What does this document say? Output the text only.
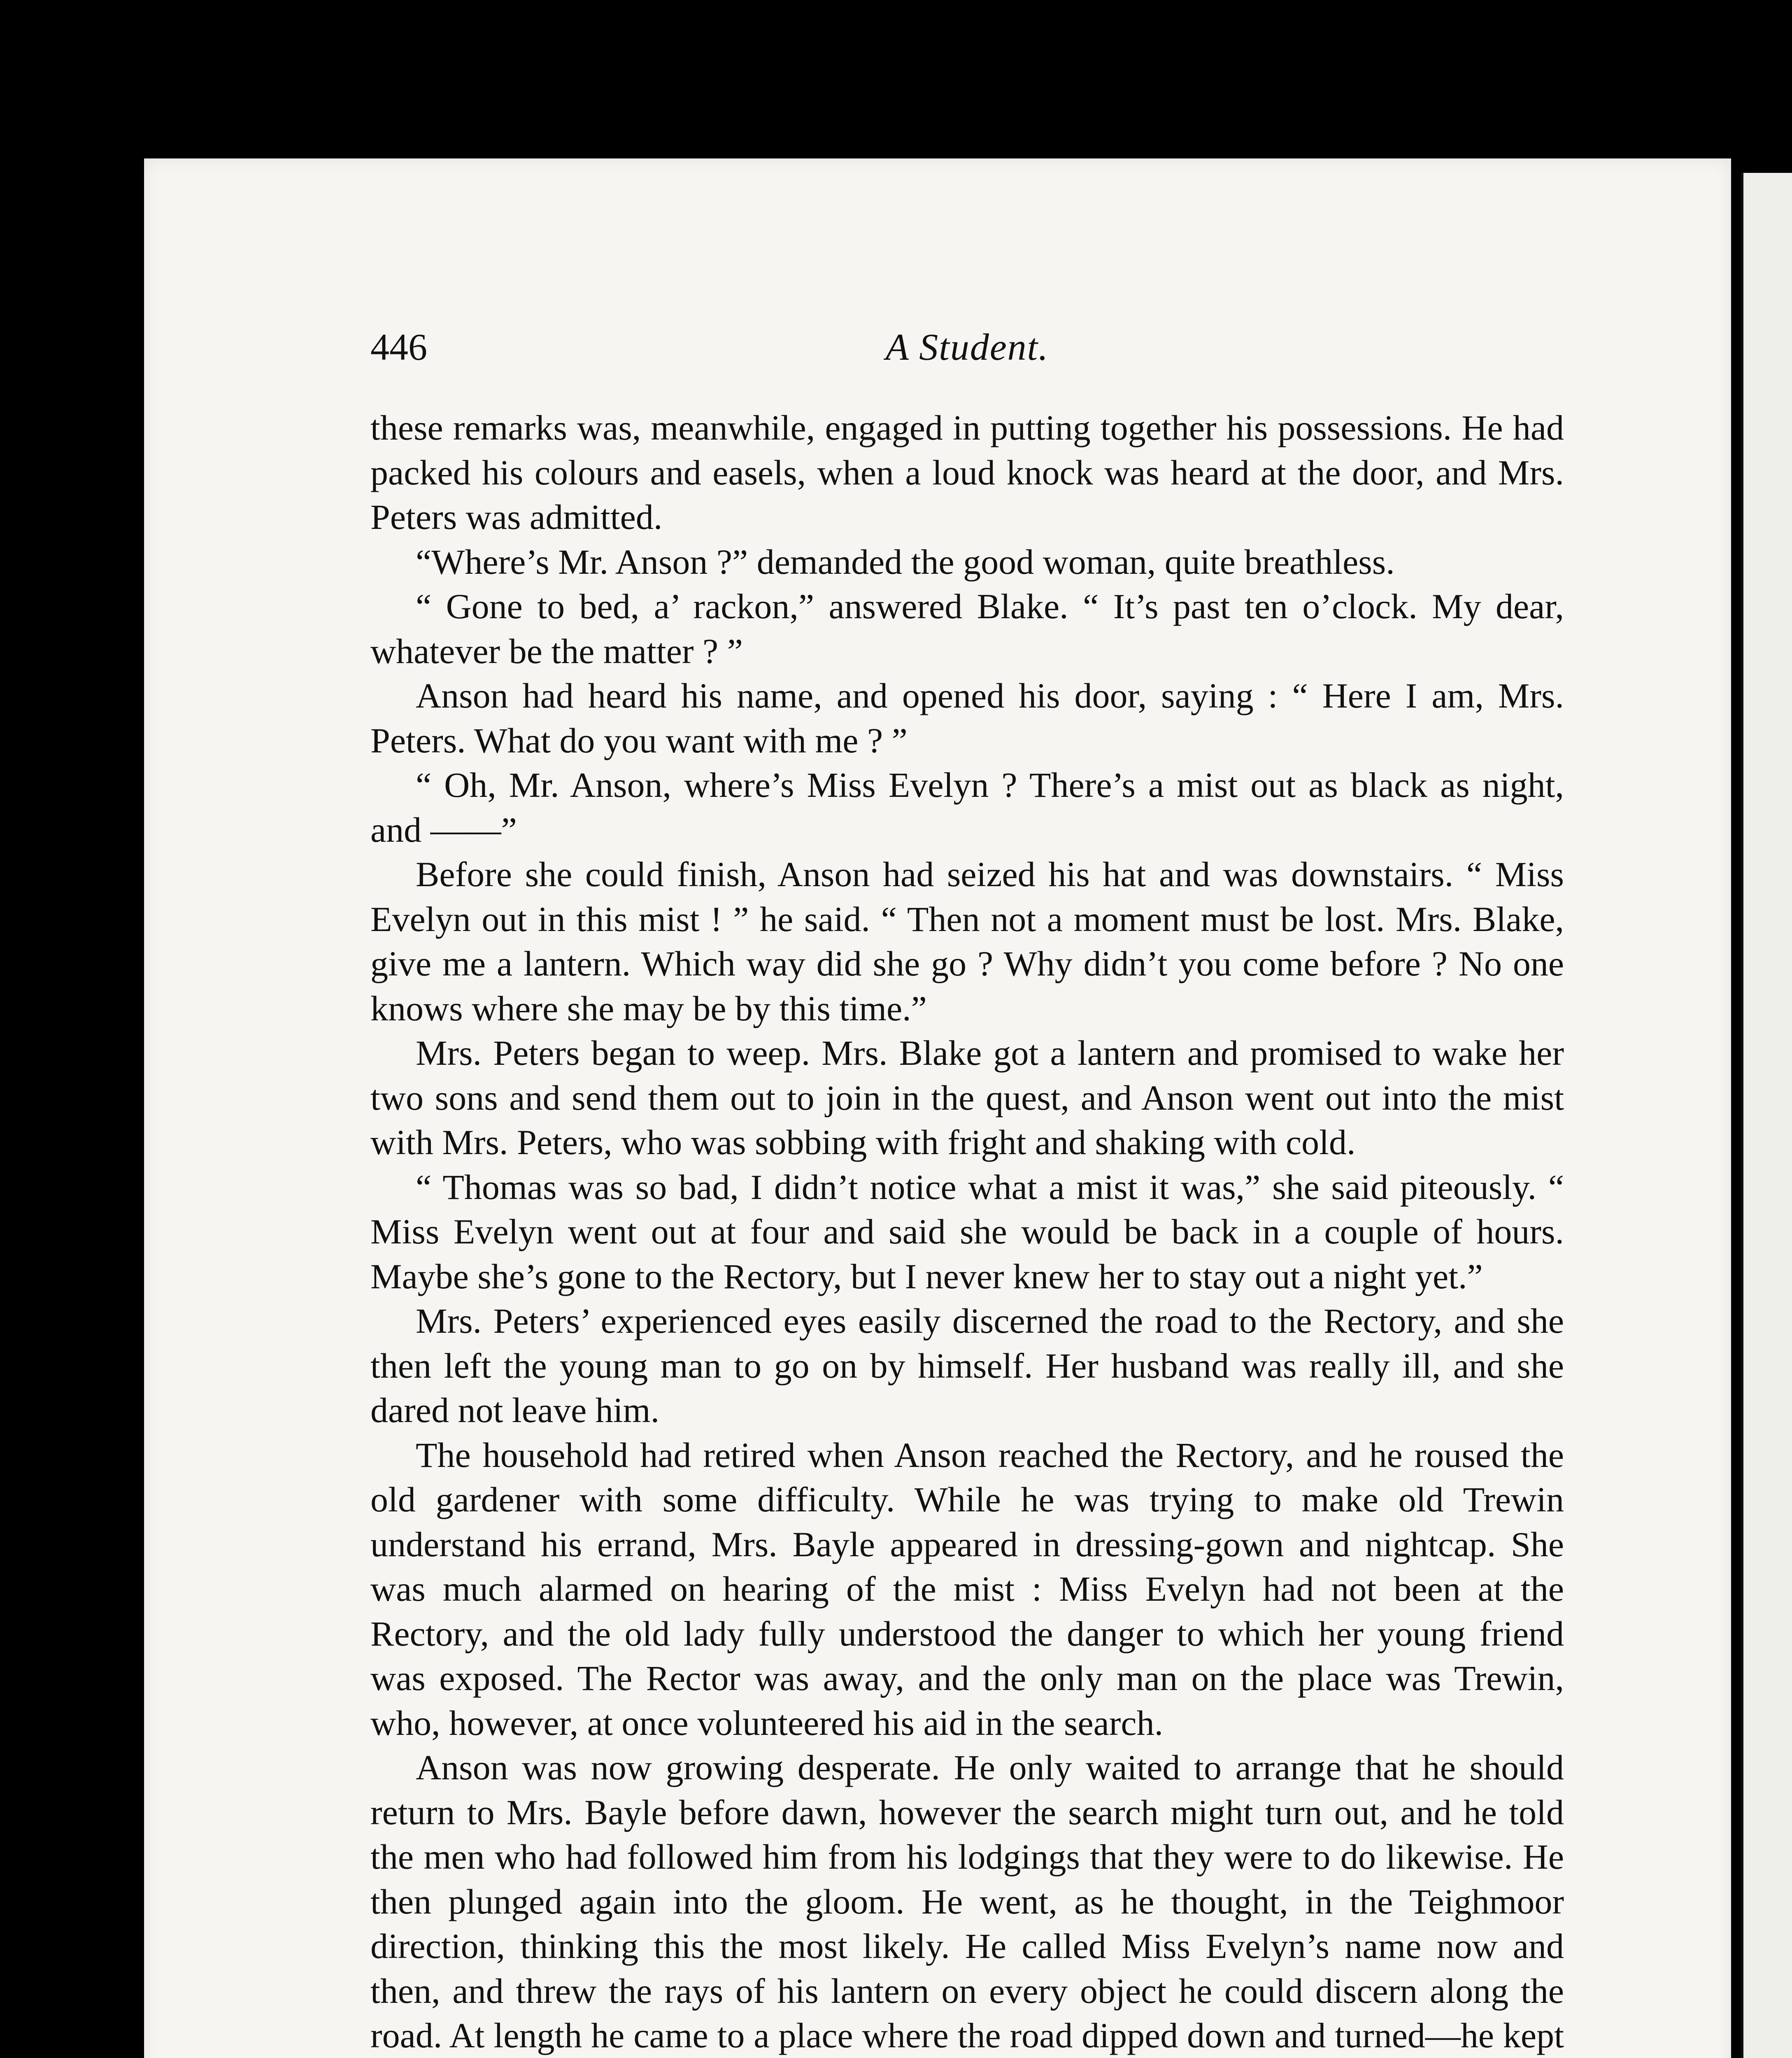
446	A Student.

these remarks was, meanwhile, engaged in putting together his possessions. He had packed his colours and easels, when a loud knock was heard at the door, and Mrs. Peters was admitted.

“Where’s Mr. Anson ?” demanded the good woman, quite breathless.

“ Gone to bed, a’ rackon,” answered Blake. “ It’s past ten o’clock. My dear, whatever be the matter ? ”

Anson had heard his name, and opened his door, saying : “ Here I am, Mrs. Peters. What do you want with me ? ”

“ Oh, Mr. Anson, where’s Miss Evelyn ? There’s a mist out as black as night, and ——”

Before she could finish, Anson had seized his hat and was downstairs. “ Miss Evelyn out in this mist ! ” he said. “ Then not a moment must be lost. Mrs. Blake, give me a lantern. Which way did she go ? Why didn’t you come before ? No one knows where she may be by this time.”

Mrs. Peters began to weep. Mrs. Blake got a lantern and promised to wake her two sons and send them out to join in the quest, and Anson went out into the mist with Mrs. Peters, who was sobbing with fright and shaking with cold.

“ Thomas was so bad, I didn’t notice what a mist it was,” she said piteously. “ Miss Evelyn went out at four and said she would be back in a couple of hours. Maybe she’s gone to the Rectory, but I never knew her to stay out a night yet.”

Mrs. Peters’ experienced eyes easily discerned the road to the Rectory, and she then left the young man to go on by himself. Her husband was really ill, and she dared not leave him.

The household had retired when Anson reached the Rectory, and he roused the old gardener with some difficulty. While he was trying to make old Trewin understand his errand, Mrs. Bayle appeared in dressing-gown and nightcap. She was much alarmed on hearing of the mist : Miss Evelyn had not been at the Rectory, and the old lady fully understood the danger to which her young friend was exposed. The Rector was away, and the only man on the place was Trewin, who, however, at once volunteered his aid in the search.

Anson was now growing desperate. He only waited to arrange that he should return to Mrs. Bayle before dawn, however the search might turn out, and he told the men who had followed him from his lodgings that they were to do likewise. He then plunged again into the gloom. He went, as he thought, in the Teighmoor direction, thinking this the most likely. He called Miss Evelyn’s name now and then, and threw the rays of his lantern on every object he could discern along the road. At length he came to a place where the road dipped down and turned—he kept
